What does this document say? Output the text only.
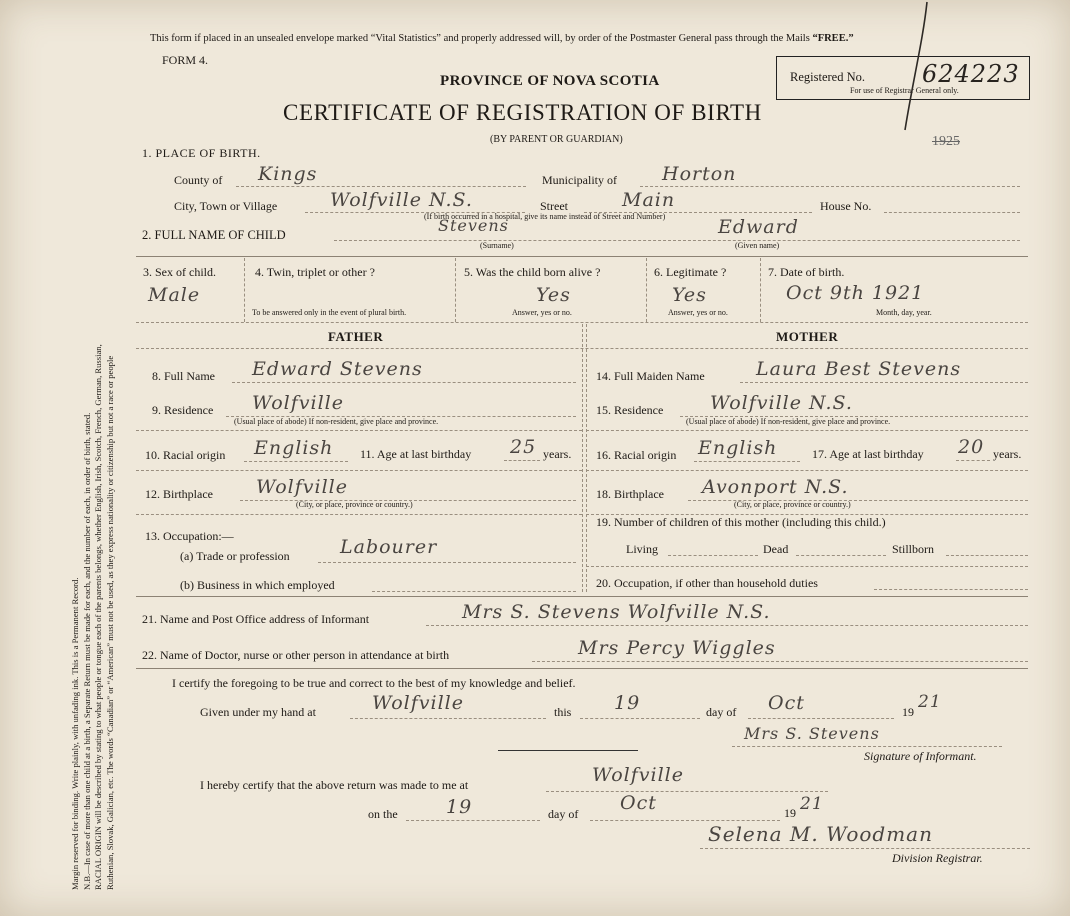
Margin reserved for binding. Write plainly, with unfading ink. This is a Permanent Record. N.B.—In case of more than one child at a birth, a Separate Return must be made for each, and the number of each, in order of birth, stated. RACIAL ORIGIN will be described by stating to what people or tongue each of the parents belongs, whether English, Irish, Scotch, French, German, Russian, Ruthenian, Slovak, Galician, etc. The words “Canadian” or “American” must not be used, as they express nationality or citizenship but not a race or people
This form if placed in an unsealed envelope marked “Vital Statistics” and properly addressed will, by order of the Postmaster General pass through the Mails “FREE.”
FORM 4.
PROVINCE OF NOVA SCOTIA
CERTIFICATE OF REGISTRATION OF BIRTH
(BY PARENT OR GUARDIAN)	1925
Registered No. 624223
For use of Registrar General only.
1. PLACE OF BIRTH.
County of Kings	Municipality of Horton
City, Town or Village	Wolfville N.S.	Street	Main	House No.
(If birth occurred in a hospital, give its name instead of Street and Number)
2. FULL NAME OF CHILD	Stevens	Edward
(Surname)	(Given name)
3. Sex of child.
Male
4. Twin, triplet or other ?
To be answered only in the event of plural birth.
5. Was the child born alive ?
Yes
Answer, yes or no.
6. Legitimate ?
Yes
Answer, yes or no.
7. Date of birth.
Oct 9th 1921
Month, day, year.
FATHER	MOTHER
8. Full Name Edward Stevens
9. Residence Wolfville
(Usual place of abode) If non-resident, give place and province.
10. Racial origin English 11. Age at last birthday 25 years.
12. Birthplace Wolfville
(City, or place, province or country.)
13. Occupation:—
(a) Trade or profession	Labourer
(b) Business in which employed
14. Full Maiden Name	Laura Best Stevens
15. Residence Wolfville N.S.
(Usual place of abode) If non-resident, give place and province.
16. Racial origin English	17. Age at last birthday 20 years.
18. Birthplace Avonport N.S.
(City, or place, province or country.)
19. Number of children of this mother (including this child.)
Living	Dead	Stillborn
20. Occupation, if other than household duties
21. Name and Post Office address of Informant	Mrs S. Stevens Wolfville N.S.
22. Name of Doctor, nurse or other person in attendance at birth	Mrs Percy Wiggles
I certify the foregoing to be true and correct to the best of my knowledge and belief.
Given under my hand at	Wolfville	this 19	day of Oct	19 21
Mrs S. Stevens
Signature of Informant.
I hereby certify that the above return was made to me at	Wolfville
on the	19	day of Oct	19 21
Selena M. Woodman
Division Registrar.
